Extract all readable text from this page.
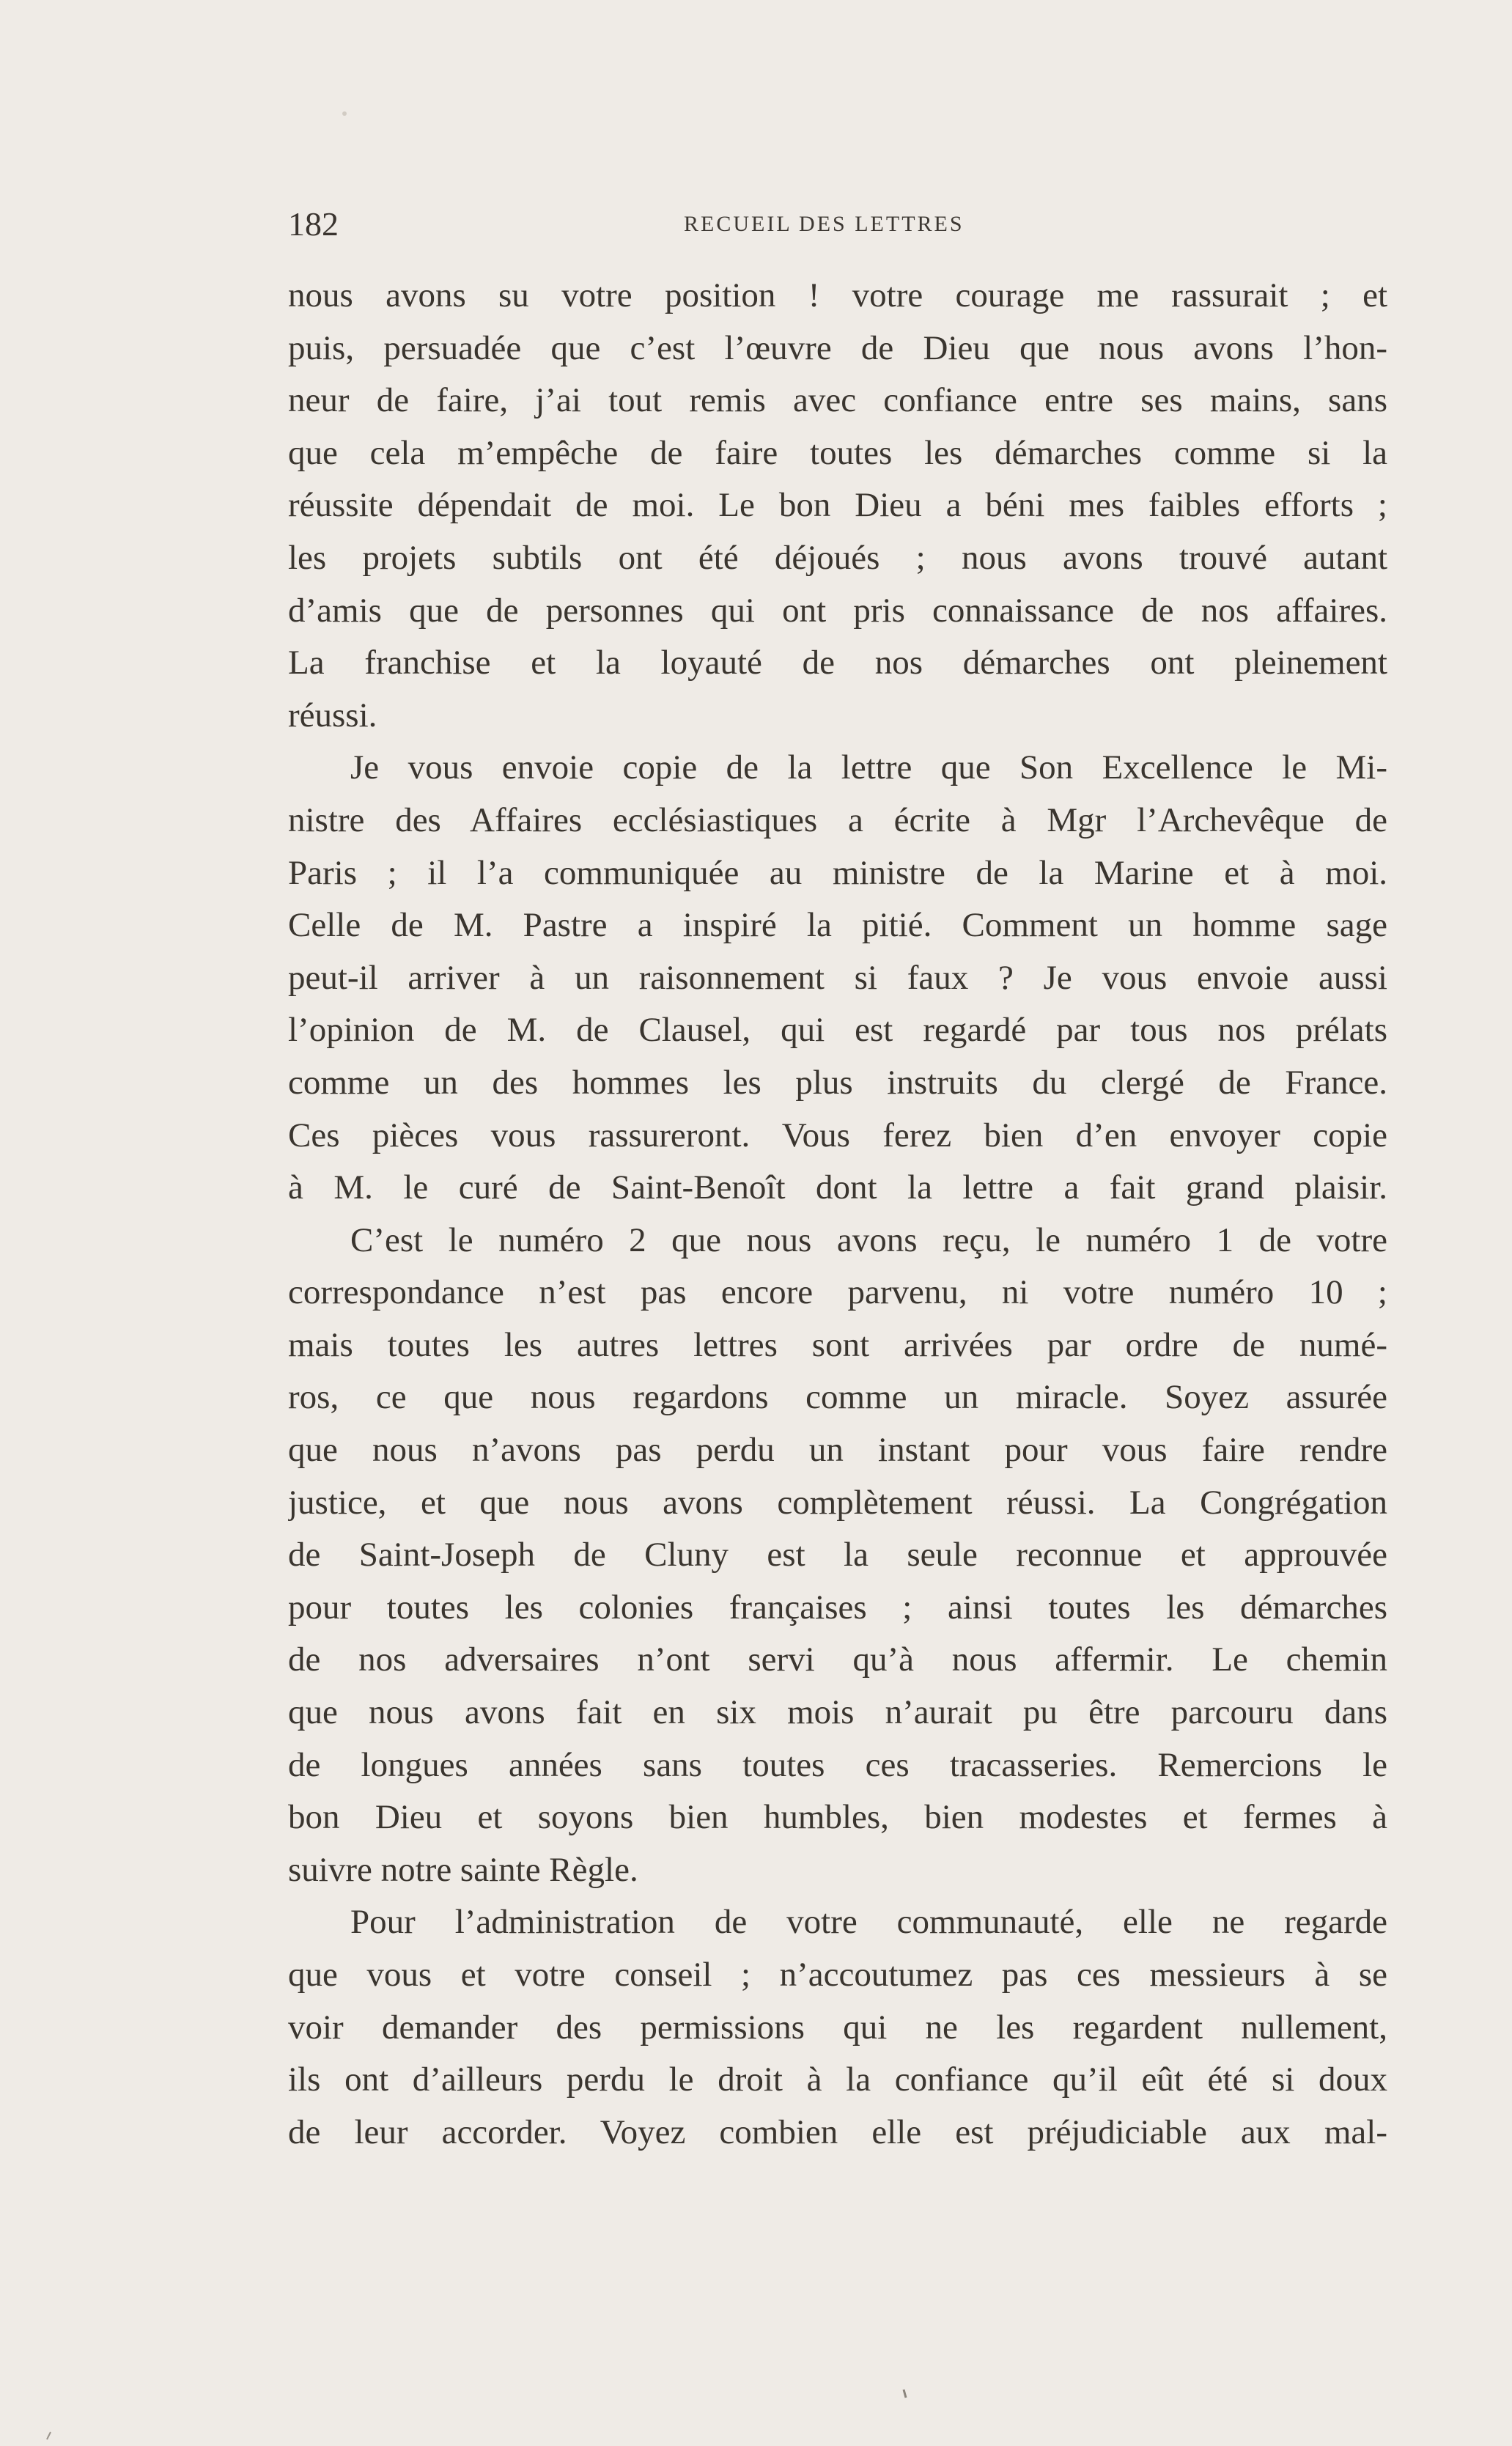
182	RECUEIL DES LETTRES
nous avons su votre position ! votre courage me rassurait ; et
puis, persuadée que c’est l’œuvre de Dieu que nous avons l’hon-
neur de faire, j’ai tout remis avec confiance entre ses mains, sans
que cela m’empêche de faire toutes les démarches comme si la
réussite dépendait de moi. Le bon Dieu a béni mes faibles efforts ;
les projets subtils ont été déjoués ; nous avons trouvé autant
d’amis que de personnes qui ont pris connaissance de nos affaires.
La franchise et la loyauté de nos démarches ont pleinement
réussi.
Je vous envoie copie de la lettre que Son Excellence le Mi-
nistre des Affaires ecclésiastiques a écrite à Mgr l’Archevêque de
Paris ; il l’a communiquée au ministre de la Marine et à moi.
Celle de M. Pastre a inspiré la pitié. Comment un homme sage
peut-il arriver à un raisonnement si faux ? Je vous envoie aussi
l’opinion de M. de Clausel, qui est regardé par tous nos prélats
comme un des hommes les plus instruits du clergé de France.
Ces pièces vous rassureront. Vous ferez bien d’en envoyer copie
à M. le curé de Saint-Benoît dont la lettre a fait grand plaisir.
C’est le numéro 2 que nous avons reçu, le numéro 1 de votre
correspondance n’est pas encore parvenu, ni votre numéro 10 ;
mais toutes les autres lettres sont arrivées par ordre de numé-
ros, ce que nous regardons comme un miracle. Soyez assurée
que nous n’avons pas perdu un instant pour vous faire rendre
justice, et que nous avons complètement réussi. La Congrégation
de Saint-Joseph de Cluny est la seule reconnue et approuvée
pour toutes les colonies françaises ; ainsi toutes les démarches
de nos adversaires n’ont servi qu’à nous affermir. Le chemin
que nous avons fait en six mois n’aurait pu être parcouru dans
de longues années sans toutes ces tracasseries. Remercions le
bon Dieu et soyons bien humbles, bien modestes et fermes à
suivre notre sainte Règle.
Pour l’administration de votre communauté, elle ne regarde
que vous et votre conseil ; n’accoutumez pas ces messieurs à se
voir demander des permissions qui ne les regardent nullement,
ils ont d’ailleurs perdu le droit à la confiance qu’il eût été si doux
de leur accorder. Voyez combien elle est préjudiciable aux mal-
